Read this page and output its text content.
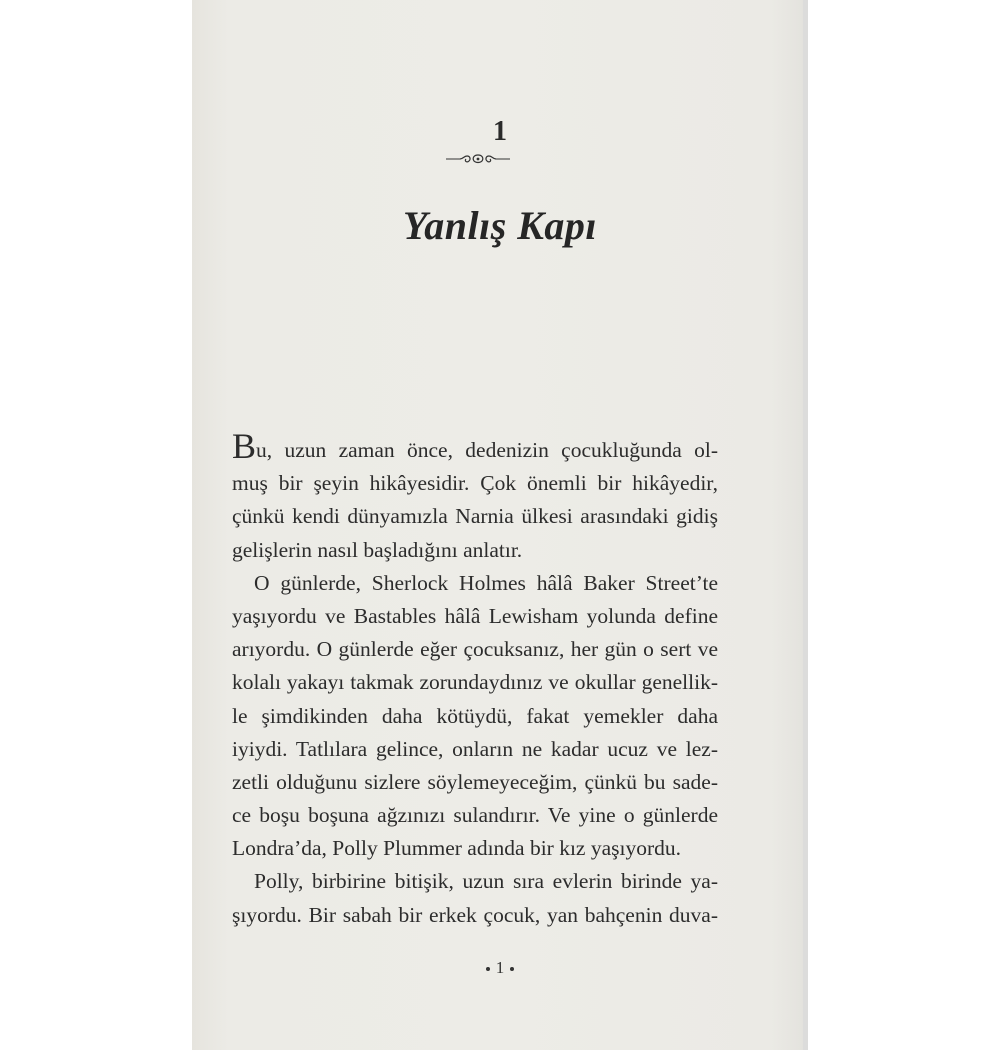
1
Yanlış Kapı
Bu, uzun zaman önce, dedenizin çocukluğunda ol-
muş bir şeyin hikâyesidir. Çok önemli bir hikâyedir,
çünkü kendi dünyamızla Narnia ülkesi arasındaki gidiş
gelişlerin nasıl başladığını anlatır.
O günlerde, Sherlock Holmes hâlâ Baker Street’te
yaşıyordu ve Bastables hâlâ Lewisham yolunda define
arıyordu. O günlerde eğer çocuksanız, her gün o sert ve
kolalı yakayı takmak zorundaydınız ve okullar genellik-
le şimdikinden daha kötüydü, fakat yemekler daha
iyiydi. Tatlılara gelince, onların ne kadar ucuz ve lez-
zetli olduğunu sizlere söylemeyeceğim, çünkü bu sade-
ce boşu boşuna ağzınızı sulandırır. Ve yine o günlerde
Londra’da, Polly Plummer adında bir kız yaşıyordu.
Polly, birbirine bitişik, uzun sıra evlerin birinde ya-
şıyordu. Bir sabah bir erkek çocuk, yan bahçenin duva-
1
